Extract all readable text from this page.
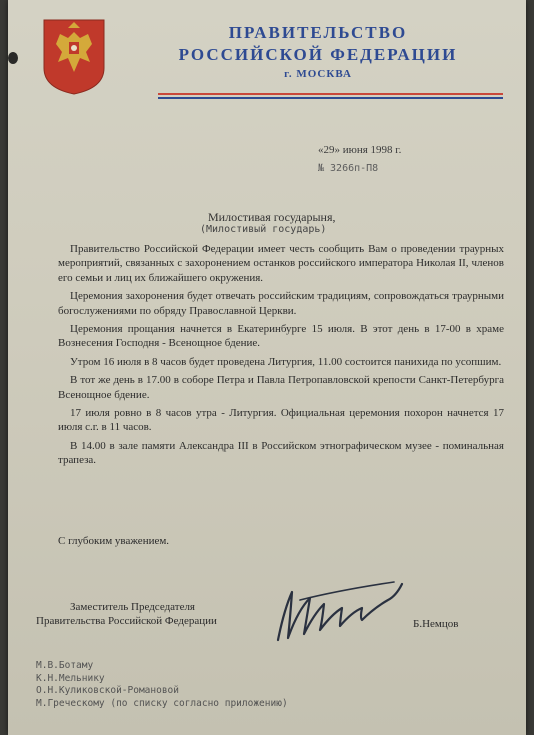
ПРАВИТЕЛЬСТВО
РОССИЙСКОЙ ФЕДЕРАЦИИ
г. МОСКВА
«29» июня 1998 г.
№ 3266п-П8
Милостивая государыня,
(Милостивый государь)

Правительство Российской Федерации имеет честь сообщить Вам о проведении траурных мероприятий, связанных с захоронением останков российского императора Николая II, членов его семьи и лиц их ближайшего окружения.

Церемония захоронения будет отвечать российским традициям, сопровождаться траурными богослужениями по обряду Православной Церкви.

Церемония прощания начнется в Екатеринбурге 15 июля. В этот день в 17-00 в храме Вознесения Господня - Всенощное бдение.

Утром 16 июля в 8 часов будет проведена Литургия, 11.00 состоится панихида по усопшим.

В тот же день в 17.00 в соборе Петра и Павла Петропавловской крепости Санкт-Петербурга Всенощное бдение.

17 июля ровно в 8 часов утра - Литургия. Официальная церемония похорон начнется 17 июля с.г. в 11 часов.

В 14.00 в зале памяти Александра III в Российском этнографическом музее - поминальная трапеза.

С глубоким уважением.
Заместитель Председателя
Правительства Российской Федерации	Б.Немцов
М.В.Ботаму
К.Н.Мельнику
О.Н.Куликовской-Романовой
М.Греческому (по списку согласно приложению)
